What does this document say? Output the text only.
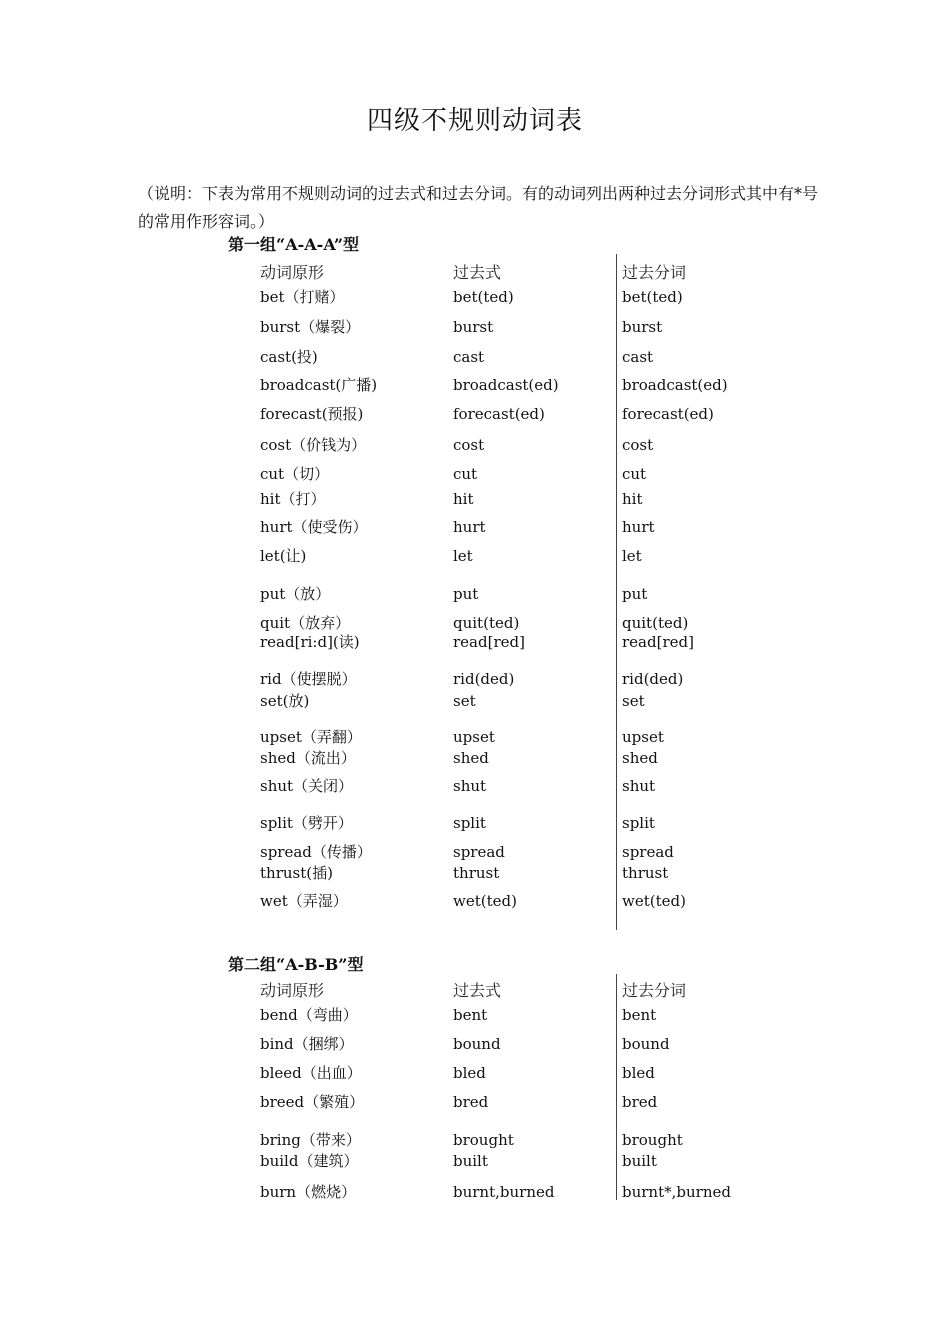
四级不规则动词表
（说明：下表为常用不规则动词的过去式和过去分词。有的动词列出两种过去分词形式其中有*号的常用作形容词。）
第一组“A-A-A”型
动词原形	过去式	过去分词
bet（打赌）	bet(ted)	bet(ted)
burst（爆裂）	burst	burst
cast(投)	cast	cast
broadcast(广播)	broadcast(ed)	broadcast(ed)
forecast(预报)	forecast(ed)	forecast(ed)
cost（价钱为）	cost	cost
cut（切）	cut	cut
hit（打）	hit	hit
hurt（使受伤）	hurt	hurt
let(让)	let	let
put（放）	put	put
quit（放弃）	quit(ted)	quit(ted)
read[ri:d](读)	read[red]	read[red]
rid（使摆脱）	rid(ded)	rid(ded)
set(放)	set	set
upset（弄翻）	upset	upset
shed（流出）	shed	shed
shut（关闭）	shut	shut
split（劈开）	split	split
spread（传播）	spread	spread
thrust(插)	thrust	thrust
wet（弄湿）	wet(ted)	wet(ted)
第二组“A-B-B”型
动词原形	过去式	过去分词
bend（弯曲）	bent	bent
bind（捆绑）	bound	bound
bleed（出血）	bled	bled
breed（繁殖）	bred	bred
bring（带来）	brought	brought
build（建筑）	built	built
burn（燃烧）	burnt,burned	burnt*,burned
